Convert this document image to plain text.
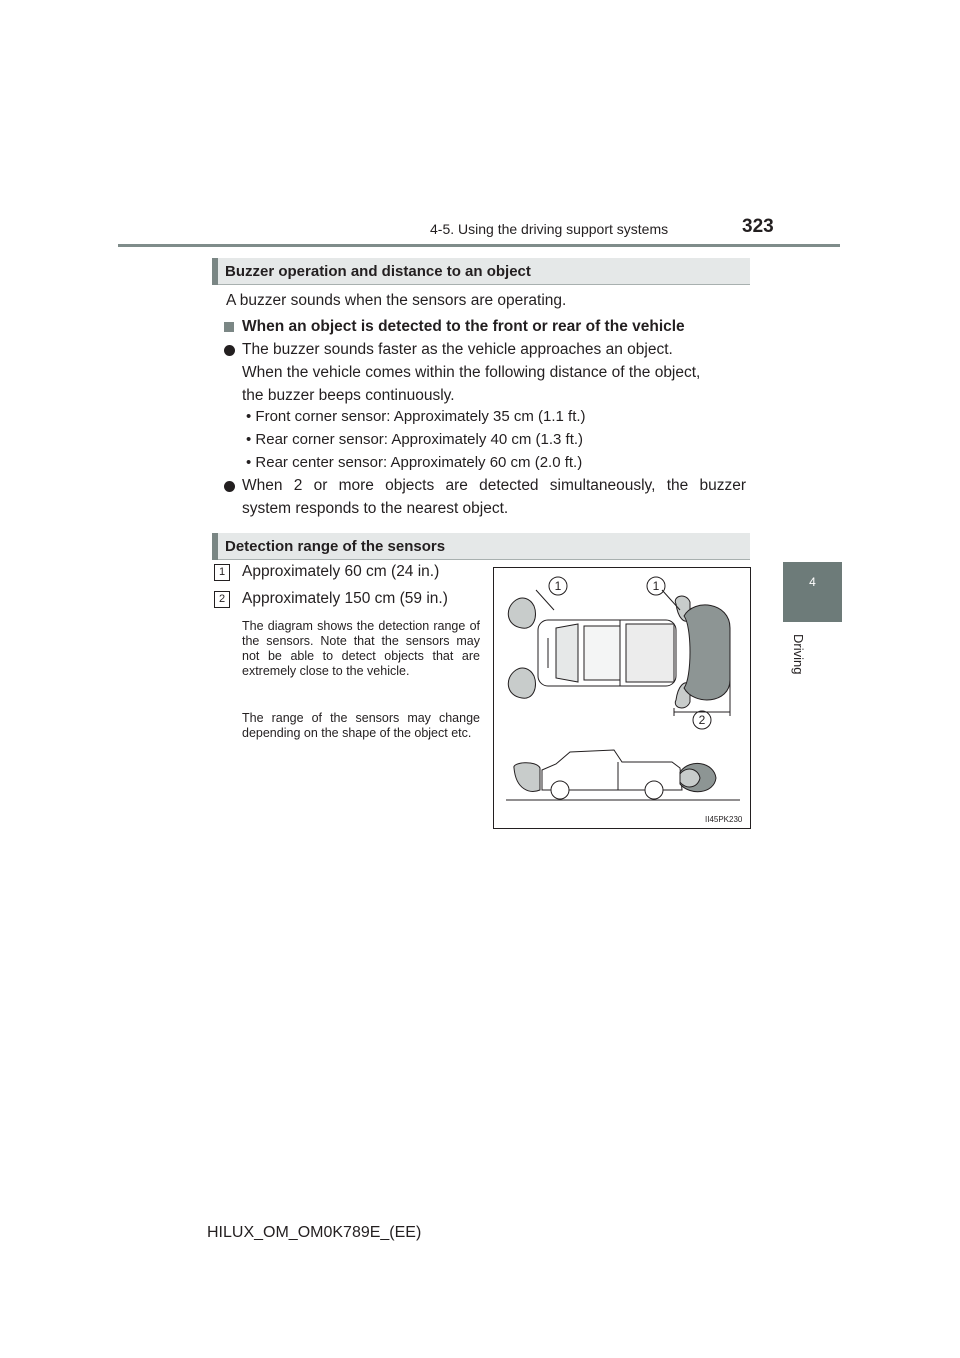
4-5. Using the driving support systems	323
4
Driving
Buzzer operation and distance to an object
A buzzer sounds when the sensors are operating.
When an object is detected to the front or rear of the vehicle
The buzzer sounds faster as the vehicle approaches an object.
When the vehicle comes within the following distance of the object,
the buzzer beeps continuously.
• Front corner sensor: Approximately 35 cm (1.1 ft.)
• Rear corner sensor: Approximately 40 cm (1.3 ft.)
• Rear center sensor: Approximately 60 cm (2.0 ft.)
When 2 or more objects are detected simultaneously, the buzzer
system responds to the nearest object.
Detection range of the sensors
1	Approximately 60 cm (24 in.)
2	Approximately 150 cm (59 in.)
The diagram shows the detection range of the sensors. Note that the sensors may not be able to detect objects that are extremely close to the vehicle.
The range of the sensors may change depending on the shape of the object etc.
1	1
2
II45PK230
HILUX_OM_OM0K789E_(EE)
